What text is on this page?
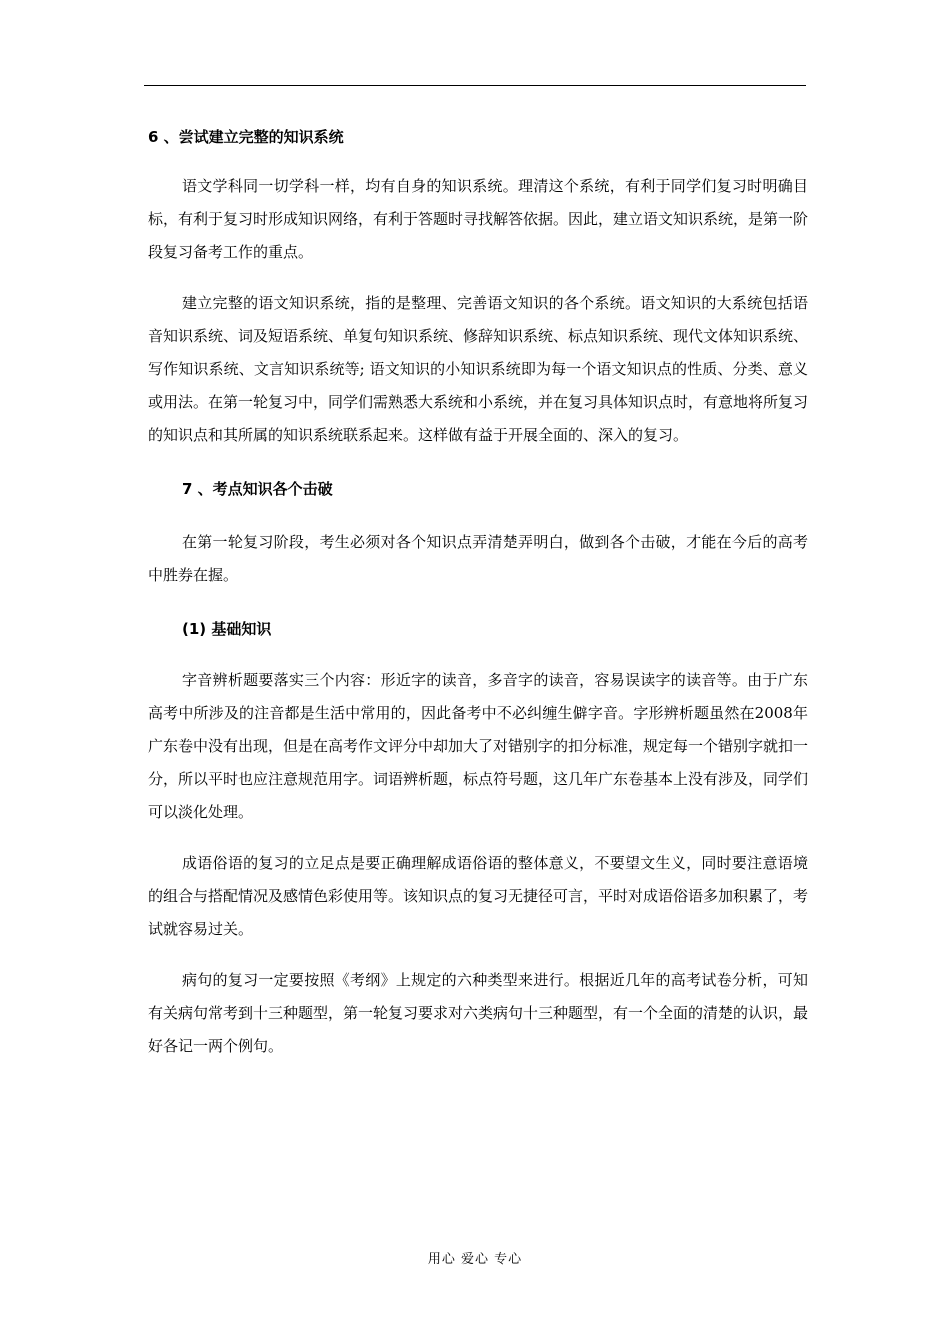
6 、尝试建立完整的知识系统

语文学科同一切学科一样，均有自身的知识系统。理清这个系统，有利于同学们复习时明确目标，有利于复习时形成知识网络，有利于答题时寻找解答依据。因此，建立语文知识系统，是第一阶段复习备考工作的重点。

建立完整的语文知识系统，指的是整理、完善语文知识的各个系统。语文知识的大系统包括语音知识系统、词及短语系统、单复句知识系统、修辞知识系统、标点知识系统、现代文体知识系统、写作知识系统、文言知识系统等; 语文知识的小知识系统即为每一个语文知识点的性质、分类、意义或用法。在第一轮复习中，同学们需熟悉大系统和小系统，并在复习具体知识点时，有意地将所复习的知识点和其所属的知识系统联系起来。这样做有益于开展全面的、深入的复习。

7 、考点知识各个击破

在第一轮复习阶段，考生必须对各个知识点弄清楚弄明白，做到各个击破，才能在今后的高考中胜券在握。

(1) 基础知识

字音辨析题要落实三个内容：形近字的读音，多音字的读音，容易误读字的读音等。由于广东高考中所涉及的注音都是生活中常用的，因此备考中不必纠缠生僻字音。字形辨析题虽然在2008年广东卷中没有出现，但是在高考作文评分中却加大了对错别字的扣分标准，规定每一个错别字就扣一分，所以平时也应注意规范用字。词语辨析题，标点符号题，这几年广东卷基本上没有涉及，同学们可以淡化处理。

成语俗语的复习的立足点是要正确理解成语俗语的整体意义，不要望文生义，同时要注意语境的组合与搭配情况及感情色彩使用等。该知识点的复习无捷径可言，平时对成语俗语多加积累了，考试就容易过关。

病句的复习一定要按照《考纲》上规定的六种类型来进行。根据近几年的高考试卷分析，可知有关病句常考到十三种题型，第一轮复习要求对六类病句十三种题型，有一个全面的清楚的认识，最好各记一两个例句。

用心 爱心 专心
